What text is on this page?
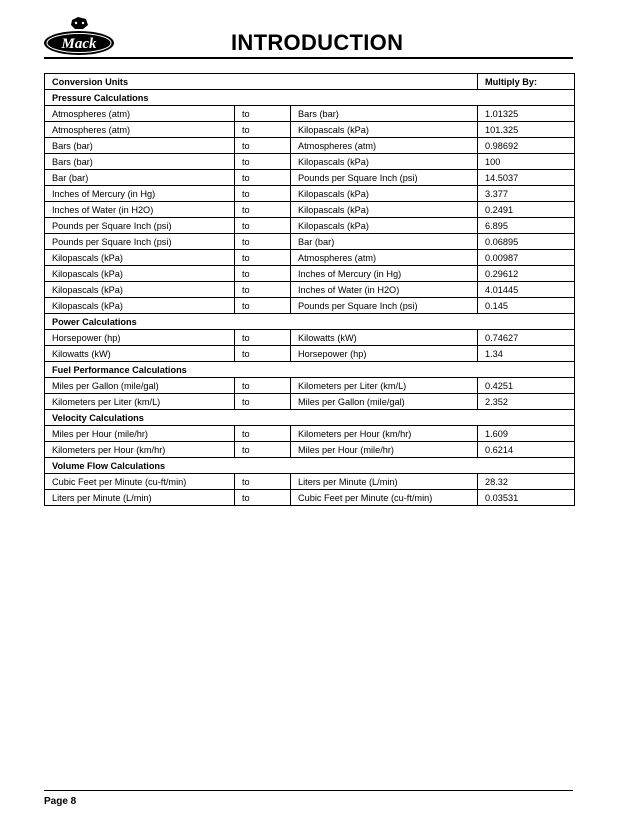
Mack	INTRODUCTION
Conversion Units			Multiply By:
Pressure Calculations			
Atmospheres (atm)	to	Bars (bar)	1.01325
Atmospheres (atm)	to	Kilopascals (kPa)	101.325
Bars (bar)	to	Atmospheres (atm)	0.98692
Bars (bar)	to	Kilopascals (kPa)	100
Bar (bar)	to	Pounds per Square Inch (psi)	14.5037
Inches of Mercury (in Hg)	to	Kilopascals (kPa)	3.377
Inches of Water (in H2O)	to	Kilopascals (kPa)	0.2491
Pounds per Square Inch (psi)	to	Kilopascals (kPa)	6.895
Pounds per Square Inch (psi)	to	Bar (bar)	0.06895
Kilopascals (kPa)	to	Atmospheres (atm)	0.00987
Kilopascals (kPa)	to	Inches of Mercury (in Hg)	0.29612
Kilopascals (kPa)	to	Inches of Water (in H2O)	4.01445
Kilopascals (kPa)	to	Pounds per Square Inch (psi)	0.145
Power Calculations			
Horsepower (hp)	to	Kilowatts (kW)	0.74627
Kilowatts (kW)	to	Horsepower (hp)	1.34
Fuel Performance Calculations			
Miles per Gallon (mile/gal)	to	Kilometers per Liter (km/L)	0.4251
Kilometers per Liter (km/L)	to	Miles per Gallon (mile/gal)	2.352
Velocity Calculations			
Miles per Hour (mile/hr)	to	Kilometers per Hour (km/hr)	1.609
Kilometers per Hour (km/hr)	to	Miles per Hour (mile/hr)	0.6214
Volume Flow Calculations			
Cubic Feet per Minute (cu-ft/min)	to	Liters per Minute (L/min)	28.32
Liters per Minute (L/min)	to	Cubic Feet per Minute (cu-ft/min)	0.03531
Page 8
